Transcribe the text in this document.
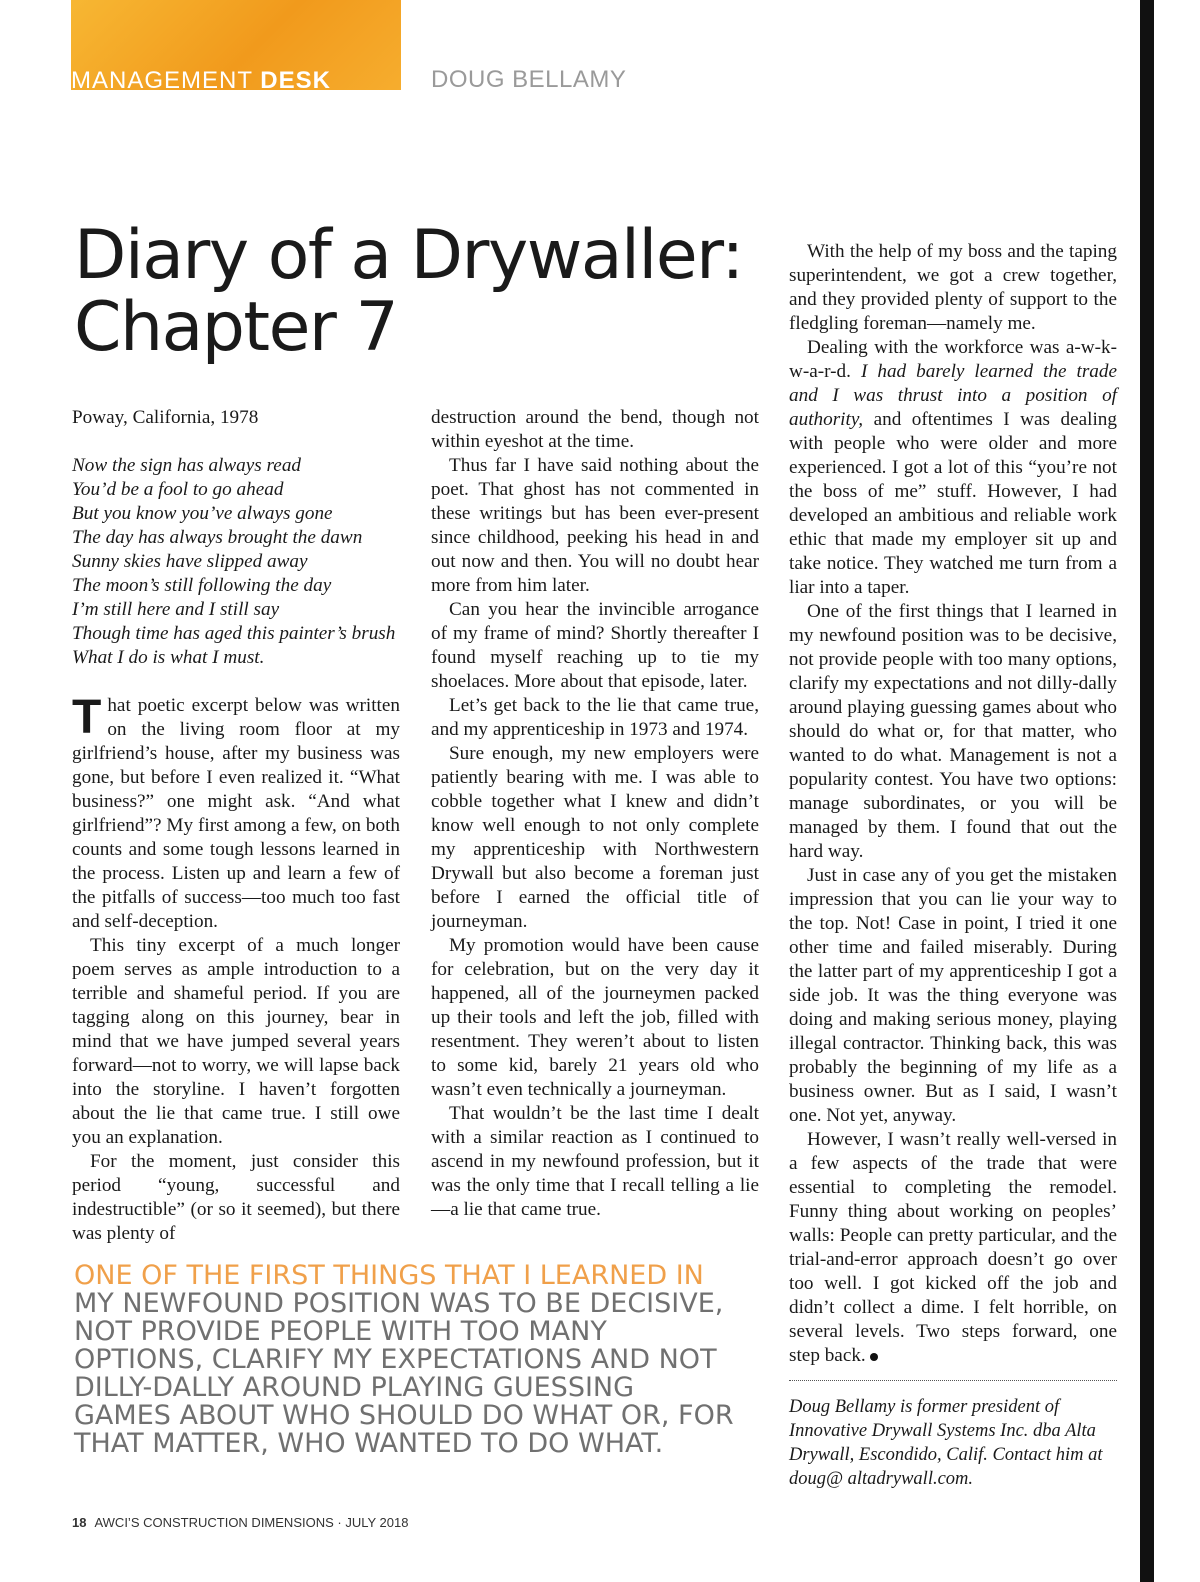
MANAGEMENT DESK	DOUG BELLAMY
Diary of a Drywaller:
Chapter 7

Poway, California, 1978

Now the sign has always read
You’d be a fool to go ahead
But you know you’ve always gone
The day has always brought the dawn
Sunny skies have slipped away
The moon’s still following the day
I’m still here and I still say
Though time has aged this painter’s brush
What I do is what I must.

That poetic excerpt below was written on the living room floor at my girlfriend’s house, after my business was gone, but before I even realized it. “What business?” one might ask. “And what girlfriend”? My first among a few, on both counts and some tough lessons learned in the process. Listen up and learn a few of the pitfalls of success—too much too fast and self-deception.

This tiny excerpt of a much longer poem serves as ample introduction to a terrible and shameful period. If you are tagging along on this journey, bear in mind that we have jumped several years forward—not to worry, we will lapse back into the storyline. I haven’t forgotten about the lie that came true. I still owe you an explanation.

For the moment, just consider this period “young, successful and indestructible” (or so it seemed), but there was plenty of

destruction around the bend, though not within eyeshot at the time.

Thus far I have said nothing about the poet. That ghost has not commented in these writings but has been ever-present since childhood, peeking his head in and out now and then. You will no doubt hear more from him later.

Can you hear the invincible arrogance of my frame of mind? Shortly thereafter I found myself reaching up to tie my shoelaces. More about that episode, later.

Let’s get back to the lie that came true, and my apprenticeship in 1973 and 1974.

Sure enough, my new employers were patiently bearing with me. I was able to cobble together what I knew and didn’t know well enough to not only complete my apprenticeship with Northwestern Drywall but also become a foreman just before I earned the official title of journeyman.

My promotion would have been cause for celebration, but on the very day it happened, all of the journeymen packed up their tools and left the job, filled with resentment. They weren’t about to listen to some kid, barely 21 years old who wasn’t even technically a journeyman.

That wouldn’t be the last time I dealt with a similar reaction as I continued to ascend in my newfound profession, but it was the only time that I recall telling a lie—a lie that came true.

With the help of my boss and the taping superintendent, we got a crew together, and they provided plenty of support to the fledgling foreman—namely me.

Dealing with the workforce was a-w-k-w-a-r-d. I had barely learned the trade and I was thrust into a position of authority, and oftentimes I was dealing with people who were older and more experienced. I got a lot of this “you’re not the boss of me” stuff. However, I had developed an ambitious and reliable work ethic that made my employer sit up and take notice. They watched me turn from a liar into a taper.

One of the first things that I learned in my newfound position was to be decisive, not provide people with too many options, clarify my expectations and not dilly-dally around playing guessing games about who should do what or, for that matter, who wanted to do what. Management is not a popularity contest. You have two options: manage subordinates, or you will be managed by them. I found that out the hard way.

Just in case any of you get the mistaken impression that you can lie your way to the top. Not! Case in point, I tried it one other time and failed miserably. During the latter part of my apprenticeship I got a side job. It was the thing everyone was doing and making serious money, playing illegal contractor. Thinking back, this was probably the beginning of my life as a business owner. But as I said, I wasn’t one. Not yet, anyway.

However, I wasn’t really well-versed in a few aspects of the trade that were essential to completing the remodel. Funny thing about working on peoples’ walls: People can pretty particular, and the trial-and-error approach doesn’t go over too well. I got kicked off the job and didn’t collect a dime. I felt horrible, on several levels. Two steps forward, one step back.

Doug Bellamy is former president of Innovative Drywall Systems Inc. dba Alta Drywall, Escondido, Calif. Contact him at doug@ altadrywall.com.

ONE OF THE FIRST THINGS THAT I LEARNED IN MY NEWFOUND POSITION WAS TO BE DECISIVE, NOT PROVIDE PEOPLE WITH TOO MANY OPTIONS, CLARIFY MY EXPECTATIONS AND NOT DILLY-DALLY AROUND PLAYING GUESSING GAMES ABOUT WHO SHOULD DO WHAT OR, FOR THAT MATTER, WHO WANTED TO DO WHAT.
18 AWCI’S CONSTRUCTION DIMENSIONS · JULY 2018
